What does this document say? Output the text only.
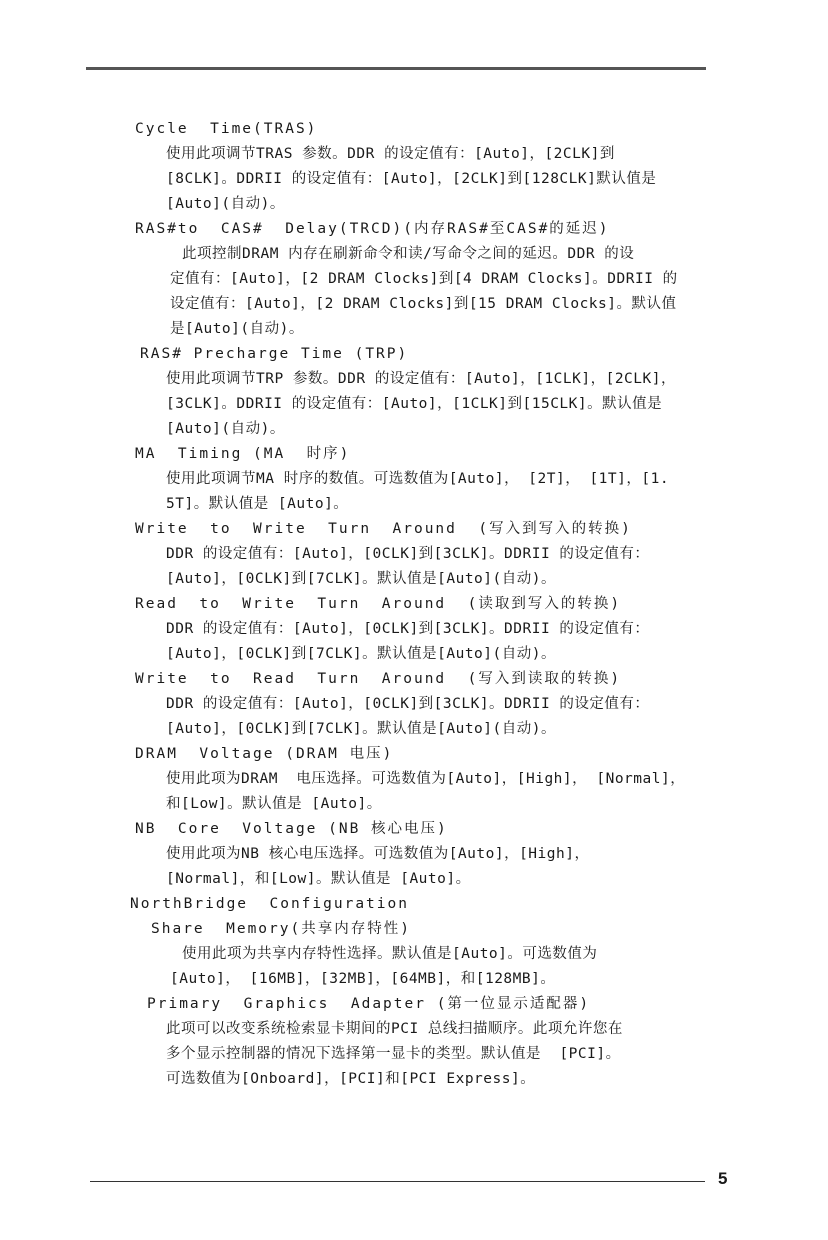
Cycle  Time(TRAS)
使用此项调节TRAS 参数。DDR 的设定值有：[Auto]，[2CLK]到
[8CLK]。DDRII 的设定值有：[Auto]，[2CLK]到[128CLK]默认值是
[Auto](自动)。
RAS#to  CAS#  Delay(TRCD)(内存RAS#至CAS#的延迟)
此项控制DRAM 内存在刷新命令和读/写命令之间的延迟。DDR 的设
定值有：[Auto]，[2 DRAM Clocks]到[4 DRAM Clocks]。DDRII 的
设定值有：[Auto]，[2 DRAM Clocks]到[15 DRAM Clocks]。默认值
是[Auto](自动)。
RAS# Precharge Time (TRP)
使用此项调节TRP 参数。DDR 的设定值有：[Auto]，[1CLK]，[2CLK]，
[3CLK]。DDRII 的设定值有：[Auto]，[1CLK]到[15CLK]。默认值是
[Auto](自动)。
MA  Timing (MA  时序)
使用此项调节MA 时序的数值。可选数值为[Auto]， [2T]， [1T]，[1.
5T]。默认值是 [Auto]。
Write  to  Write  Turn  Around  (写入到写入的转换)
DDR 的设定值有：[Auto]，[0CLK]到[3CLK]。DDRII 的设定值有：
[Auto]，[0CLK]到[7CLK]。默认值是[Auto](自动)。
Read  to  Write  Turn  Around  (读取到写入的转换)
DDR 的设定值有：[Auto]，[0CLK]到[3CLK]。DDRII 的设定值有：
[Auto]，[0CLK]到[7CLK]。默认值是[Auto](自动)。
Write  to  Read  Turn  Around  (写入到读取的转换)
DDR 的设定值有：[Auto]，[0CLK]到[3CLK]。DDRII 的设定值有：
[Auto]，[0CLK]到[7CLK]。默认值是[Auto](自动)。
DRAM  Voltage (DRAM 电压)
使用此项为DRAM  电压选择。可选数值为[Auto]，[High]， [Normal]，
和[Low]。默认值是 [Auto]。
NB  Core  Voltage (NB 核心电压)
使用此项为NB 核心电压选择。可选数值为[Auto]，[High]，
[Normal]，和[Low]。默认值是 [Auto]。
NorthBridge  Configuration
Share  Memory(共享内存特性)
使用此项为共享内存特性选择。默认值是[Auto]。可选数值为
[Auto]， [16MB]，[32MB]，[64MB]，和[128MB]。
Primary  Graphics  Adapter (第一位显示适配器)
此项可以改变系统检索显卡期间的PCI 总线扫描顺序。此项允许您在
多个显示控制器的情况下选择第一显卡的类型。默认值是  [PCI]。
可选数值为[Onboard]，[PCI]和[PCI Express]。
5
